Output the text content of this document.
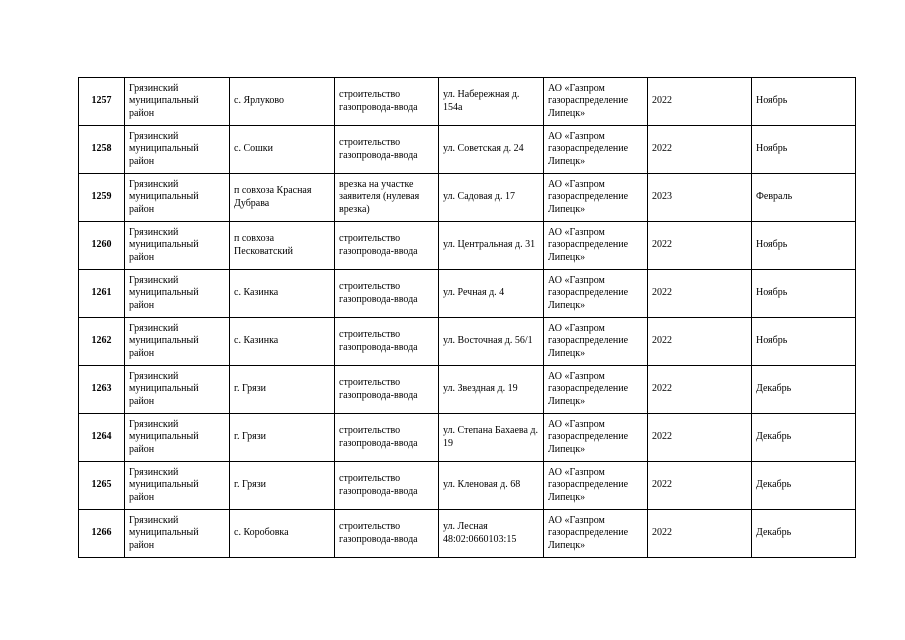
1257	Грязинский муниципальный район	с. Ярлуково	строительство газопровода-ввода	ул. Набережная д. 154а	АО «Газпром газораспределение Липецк»	2022	Ноябрь
1258	Грязинский муниципальный район	с. Сошки	строительство газопровода-ввода	ул. Советская д. 24	АО «Газпром газораспределение Липецк»	2022	Ноябрь
1259	Грязинский муниципальный район	п совхоза Красная Дубрава	врезка на участке заявителя (нулевая врезка)	ул. Садовая д. 17	АО «Газпром газораспределение Липецк»	2023	Февраль
1260	Грязинский муниципальный район	п совхоза Песковатский	строительство газопровода-ввода	ул. Центральная д. 31	АО «Газпром газораспределение Липецк»	2022	Ноябрь
1261	Грязинский муниципальный район	с. Казинка	строительство газопровода-ввода	ул. Речная д. 4	АО «Газпром газораспределение Липецк»	2022	Ноябрь
1262	Грязинский муниципальный район	с. Казинка	строительство газопровода-ввода	ул. Восточная д. 56/1	АО «Газпром газораспределение Липецк»	2022	Ноябрь
1263	Грязинский муниципальный район	г. Грязи	строительство газопровода-ввода	ул. Звездная д. 19	АО «Газпром газораспределение Липецк»	2022	Декабрь
1264	Грязинский муниципальный район	г. Грязи	строительство газопровода-ввода	ул. Степана Бахаева д. 19	АО «Газпром газораспределение Липецк»	2022	Декабрь
1265	Грязинский муниципальный район	г. Грязи	строительство газопровода-ввода	ул. Кленовая д. 68	АО «Газпром газораспределение Липецк»	2022	Декабрь
1266	Грязинский муниципальный район	с. Коробовка	строительство газопровода-ввода	ул. Лесная 48:02:0660103:15	АО «Газпром газораспределение Липецк»	2022	Декабрь
